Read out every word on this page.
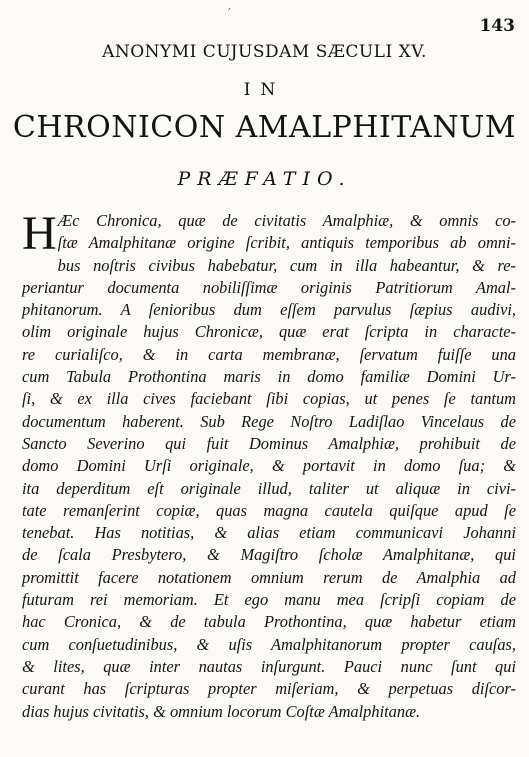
′
143
ANONYMI CUJUSDAM SÆCULI XV.
IN
CHRONICON AMALPHITANUM
PRÆFATIO.
H Æc Chronica, quæ de civitatis Amalphiæ, & omnis co-
ſtæ Amalphitanæ origine ſcribit, antiquis temporibus ab omni-
bus noſtris civibus habebatur, cum in illa habeantur, & re-
periantur documenta nobiliſſimæ originis Patritiorum Amal-
phitanorum. A ſenioribus dum eſſem parvulus ſæpius audivi,
olim originale hujus Chronicæ, quæ erat ſcripta in characte-
re curialiſco, & in carta membranæ, ſervatum fuiſſe una
cum Tabula Prothontina maris in domo familiæ Domini Ur-
ſi, & ex illa cives faciebant ſibi copias, ut penes ſe tantum
documentum haberent. Sub Rege Noſtro Ladiſlao Vincelaus de
Sancto Severino qui fuit Dominus Amalphiæ, prohibuit de
domo Domini Urſi originale, & portavit in domo ſua; &
ita deperditum eſt originale illud, taliter ut aliquæ in civi-
tate remanſerint copiæ, quas magna cautela quiſque apud ſe
tenebat. Has notitias, & alias etiam communicavi Johanni
de ſcala Presbytero, & Magiſtro ſcholæ Amalphitanæ, qui
promittit facere notationem omnium rerum de Amalphia ad
futuram rei memoriam. Et ego manu mea ſcripſi copiam de
hac Cronica, & de tabula Prothontina, quæ habetur etiam
cum conſuetudinibus, & uſis Amalphitanorum propter cauſas,
& lites, quæ inter nautas inſurgunt. Pauci nunc ſunt qui
curant has ſcripturas propter miſeriam, & perpetuas diſcor-
dias hujus civitatis, & omnium locorum Coſtæ Amalphitanæ.
